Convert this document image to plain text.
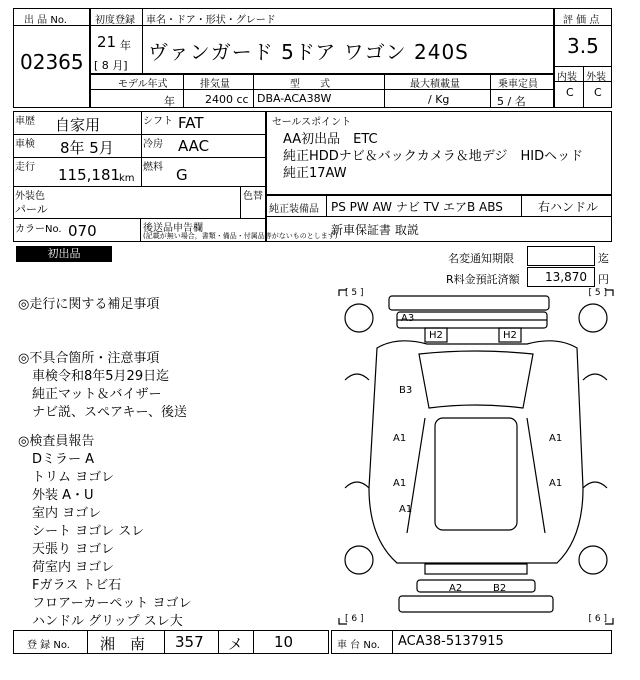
出 品 No.
02365
初度登録 車名・ドア・形状・グレード
21 年
[ 8 月]
ヴァンガード 5ドア ワゴン 240S
評 価 点
3.5
内装 外装
C C
モデル年式	排気量	型　　式	最大積載量	乗車定員
年	2400 cc DBA-ACA38W	/ Kg	5 / 名
車歴 自家用	シフト FAT
車検 8年 5月	冷房 AAC
走行 115,181
km
燃料 G
外装色
パール
色替
カラーNo. 070	後送品申告欄
(記載が無い場合，書類・備品・付属品等がないものとします)
セールスポイント
AA初出品　ETC
純正HDDナビ＆バックカメラ＆地デジ　HIDヘッド
純正17AW
純正装備品 PS PW AW ナビ TV エアB ABS	右ハンドル
新車保証書 取説
初出品	名変通知期限	迄
R料金預託済額 13,870 円
◎走行に関する補足事項
◎不具合箇所・注意事項
車検令和8年5月29日迄
純正マット＆バイザー
ナビ説、スペアキー、後送
◎検査員報告
Dミラー A
トリム ヨゴレ
外装 A・U
室内 ヨゴレ
シート ヨゴレ スレ
天張り ヨゴレ
荷室内 ヨゴレ
Fガラス トビ石
フロアーカーペット ヨゴレ
ハンドル グリップ スレ大
[ 5 ]	[ 5 ]
[ 6 ]	[ 6 ]
A3
H2	H2
B3
A1	A1
A1	A1
A1
A2	B2
登 録 No. 湘　南 357 メ 10	車 台 No. ACA38-5137915
